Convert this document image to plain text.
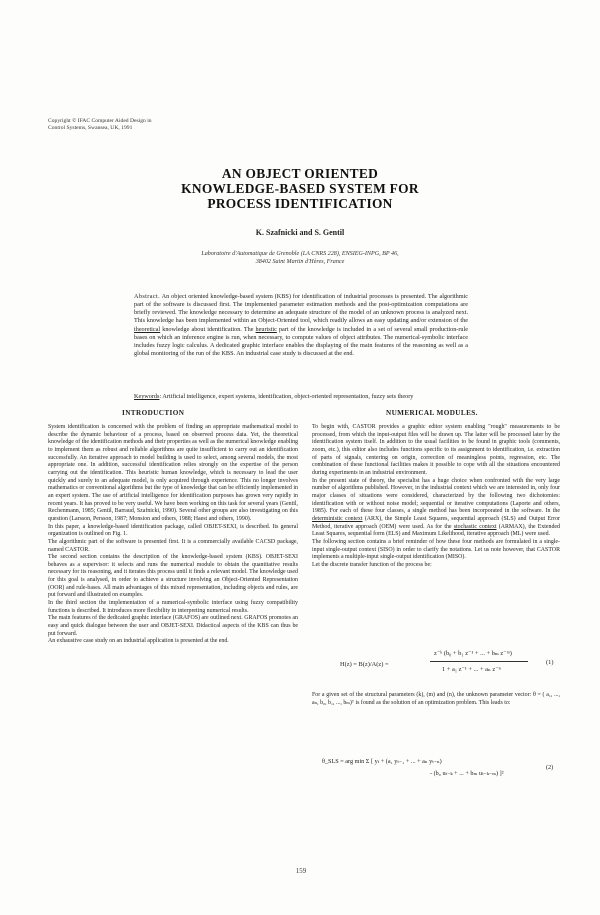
Copyright © IFAC Computer Aided Design in
Control Systems, Swansea, UK, 1991
AN OBJECT ORIENTED
KNOWLEDGE-BASED SYSTEM FOR
PROCESS IDENTIFICATION
K. Szafnicki and S. Gentil
Laboratoire d'Automatique de Grenoble (LA CNRS 228), ENSIEG-INPG, BP 46,
38402 Saint Martin d'Hères, France
Abstract. An object oriented knowledge-based system (KBS) for identification of industrial processes is presented. The algorithmic part of the software is discussed first. The implemented parameter estimation methods and the post-optimization computations are briefly reviewed. The knowledge necessary to determine an adequate structure of the model of an unknown process is analyzed next. This knowledge has been implemented within an Object-Oriented tool, which readily allows an easy updating and/or extension of the theoretical knowledge about identification. The heuristic part of the knowledge is included in a set of several small production-rule bases on which an inference engine is run, when necessary, to compute values of object attributes. The numerical-symbolic interface includes fuzzy logic calculus. A dedicated graphic interface enables the displaying of the main features of the reasoning as well as a global monitoring of the run of the KBS. An industrial case study is discussed at the end.
Keywords: Artificial intelligence, expert systems, identification, object-oriented representation, fuzzy sets theory
INTRODUCTION	NUMERICAL MODULES.

System identification is concerned with the problem of finding an appropriate mathematical model to describe the dynamic behaviour of a process, based on observed process data. Yet, the theoretical knowledge of the identification methods and their properties as well as the numerical knowledge enabling to implement them as robust and reliable algorithms are quite insufficient to carry out an identification successfully. An iterative approach to model building is used to select, among several models, the most appropriate one. In addition, successful identification relies strongly on the expertise of the person carrying out the identification. This heuristic human knowledge, which is necessary to lead the user quickly and surely to an adequate model, is only acquired through experience. This no longer involves mathematics or conventional algorithms but the type of knowledge that can be efficiently implemented in an expert system. The use of artificial intelligence for identification purposes has grown very rapidly in recent years. It has proved to be very useful. We have been working on this task for several years (Gentil, Rechenmann, 1985; Gentil, Barraud, Szafnicki, 1990). Several other groups are also investigating on this question (Larsson, Persson, 1987; Monsion and others, 1988; Haest and others, 1990).

In this paper, a knowledge-based identification package, called OBJET-SEXI, is described. Its general organization is outlined on Fig. 1.

The algorithmic part of the software is presented first. It is a commercially available CACSD package, named CASTOR.

The second section contains the description of the knowledge-based system (KBS). OBJET-SEXI behaves as a supervisor: it selects and runs the numerical module to obtain the quantitative results necessary for its reasoning, and it iterates this process until it finds a relevant model. The knowledge used for this goal is analysed, in order to achieve a structure involving an Object-Oriented Representation (OOR) and rule-bases. All main advantages of this mixed representation, including objects and rules, are put forward and illustrated on examples.

In the third section the implementation of a numerical-symbolic interface using fuzzy compatibility functions is described. It introduces more flexibility in interpreting numerical results.

The main features of the dedicated graphic interface (GRAFOS) are outlined next. GRAFOS promotes an easy and quick dialogue between the user and OBJET-SEXI. Didactical aspects of the KBS can thus be put forward.

An exhaustive case study on an industrial application is presented at the end.

To begin with, CASTOR provides a graphic editor system enabling "rough" measurements to be processed, from which the input-output files will be drawn up. The latter will be processed later by the identification system itself. In addition to the usual facilities to be found in graphic tools (comments, zoom, etc.), this editor also includes functions specific to its assignment to identification, i.e. extraction of parts of signals, centering on origin, correction of meaningless points, regression, etc. The combination of these functional facilities makes it possible to cope with all the situations encountered during experiments in an industrial environment.

In the present state of theory, the specialist has a huge choice when confronted with the very large number of algorithms published. However, in the industrial context which we are interested in, only four major classes of situations were considered, characterized by the following two dichotomies: identification with or without noise model; sequential or iterative computations (Laporte and others, 1985). For each of these four classes, a single method has been incorporated in the software. In the deterministic context (ARX), the Simple Least Squares, sequential approach (SLS) and Output Error Method, iterative approach (OEM) were used. As for the stochastic context (ARMAX), the Extended Least Squares, sequential form (ELS) and Maximum Likelihood, iterative approach (ML) were used.

The following section contains a brief reminder of how these four methods are formulated in a single-input single-output context (SISO) in order to clarify the notations. Let us note however, that CASTOR implements a multiple-input single-output identification (MISO).

Let the discrete transfer function of the process be:

H(z) = B(z)/A(z) =
z⁻ᵏ (b₀ + b₁ z⁻¹ + ... + bₘ z⁻ᵐ)
1 + a₁ z⁻¹ + ... + aₙ z⁻ⁿ
(1)

For a given set of the structural parameters (k), (m) and (n), the unknown parameter vector: θ = ( a₁, ..., aₙ, b₀, b₁, ..., bₘ)ᵀ is found as the solution of an optimization problem. This leads to:

θ_SLS = arg min Σ [ yₜ + (a₁ yₜ₋₁ + ... + aₙ yₜ₋ₙ)
- (b₀ uₜ₋ₖ + ... + bₘ uₜ₋ₖ₋ₘ) ]²
(2)
159
